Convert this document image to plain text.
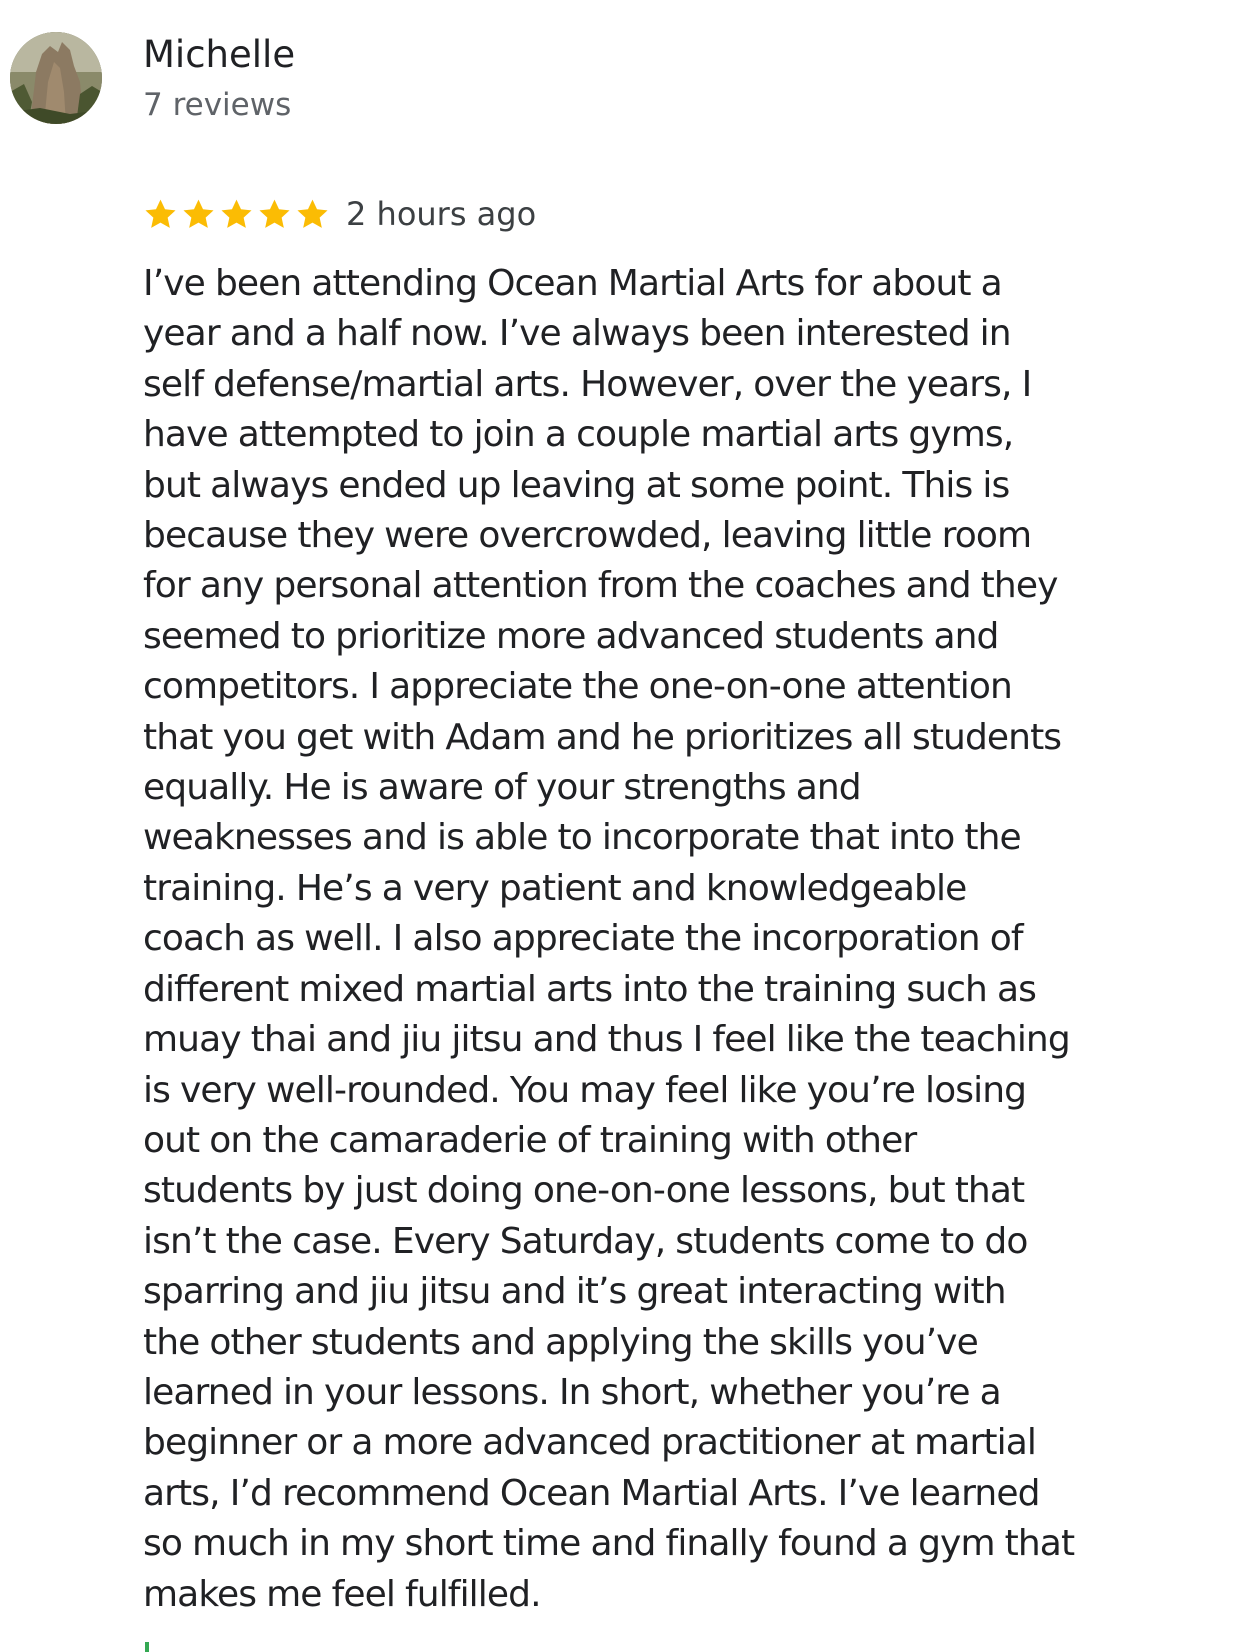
Michelle
7 reviews
2 hours ago

I’ve been attending Ocean Martial Arts for about a
year and a half now. I’ve always been interested in
self defense/martial arts. However, over the years, I
have attempted to join a couple martial arts gyms,
but always ended up leaving at some point. This is
because they were overcrowded, leaving little room
for any personal attention from the coaches and they
seemed to prioritize more advanced students and
competitors. I appreciate the one-on-one attention
that you get with Adam and he prioritizes all students
equally. He is aware of your strengths and
weaknesses and is able to incorporate that into the
training. He’s a very patient and knowledgeable
coach as well. I also appreciate the incorporation of
different mixed martial arts into the training such as
muay thai and jiu jitsu and thus I feel like the teaching
is very well-rounded. You may feel like you’re losing
out on the camaraderie of training with other
students by just doing one-on-one lessons, but that
isn’t the case. Every Saturday, students come to do
sparring and jiu jitsu and it’s great interacting with
the other students and applying the skills you’ve
learned in your lessons. In short, whether you’re a
beginner or a more advanced practitioner at martial
arts, I’d recommend Ocean Martial Arts. I’ve learned
so much in my short time and finally found a gym that
makes me feel fulfilled.
